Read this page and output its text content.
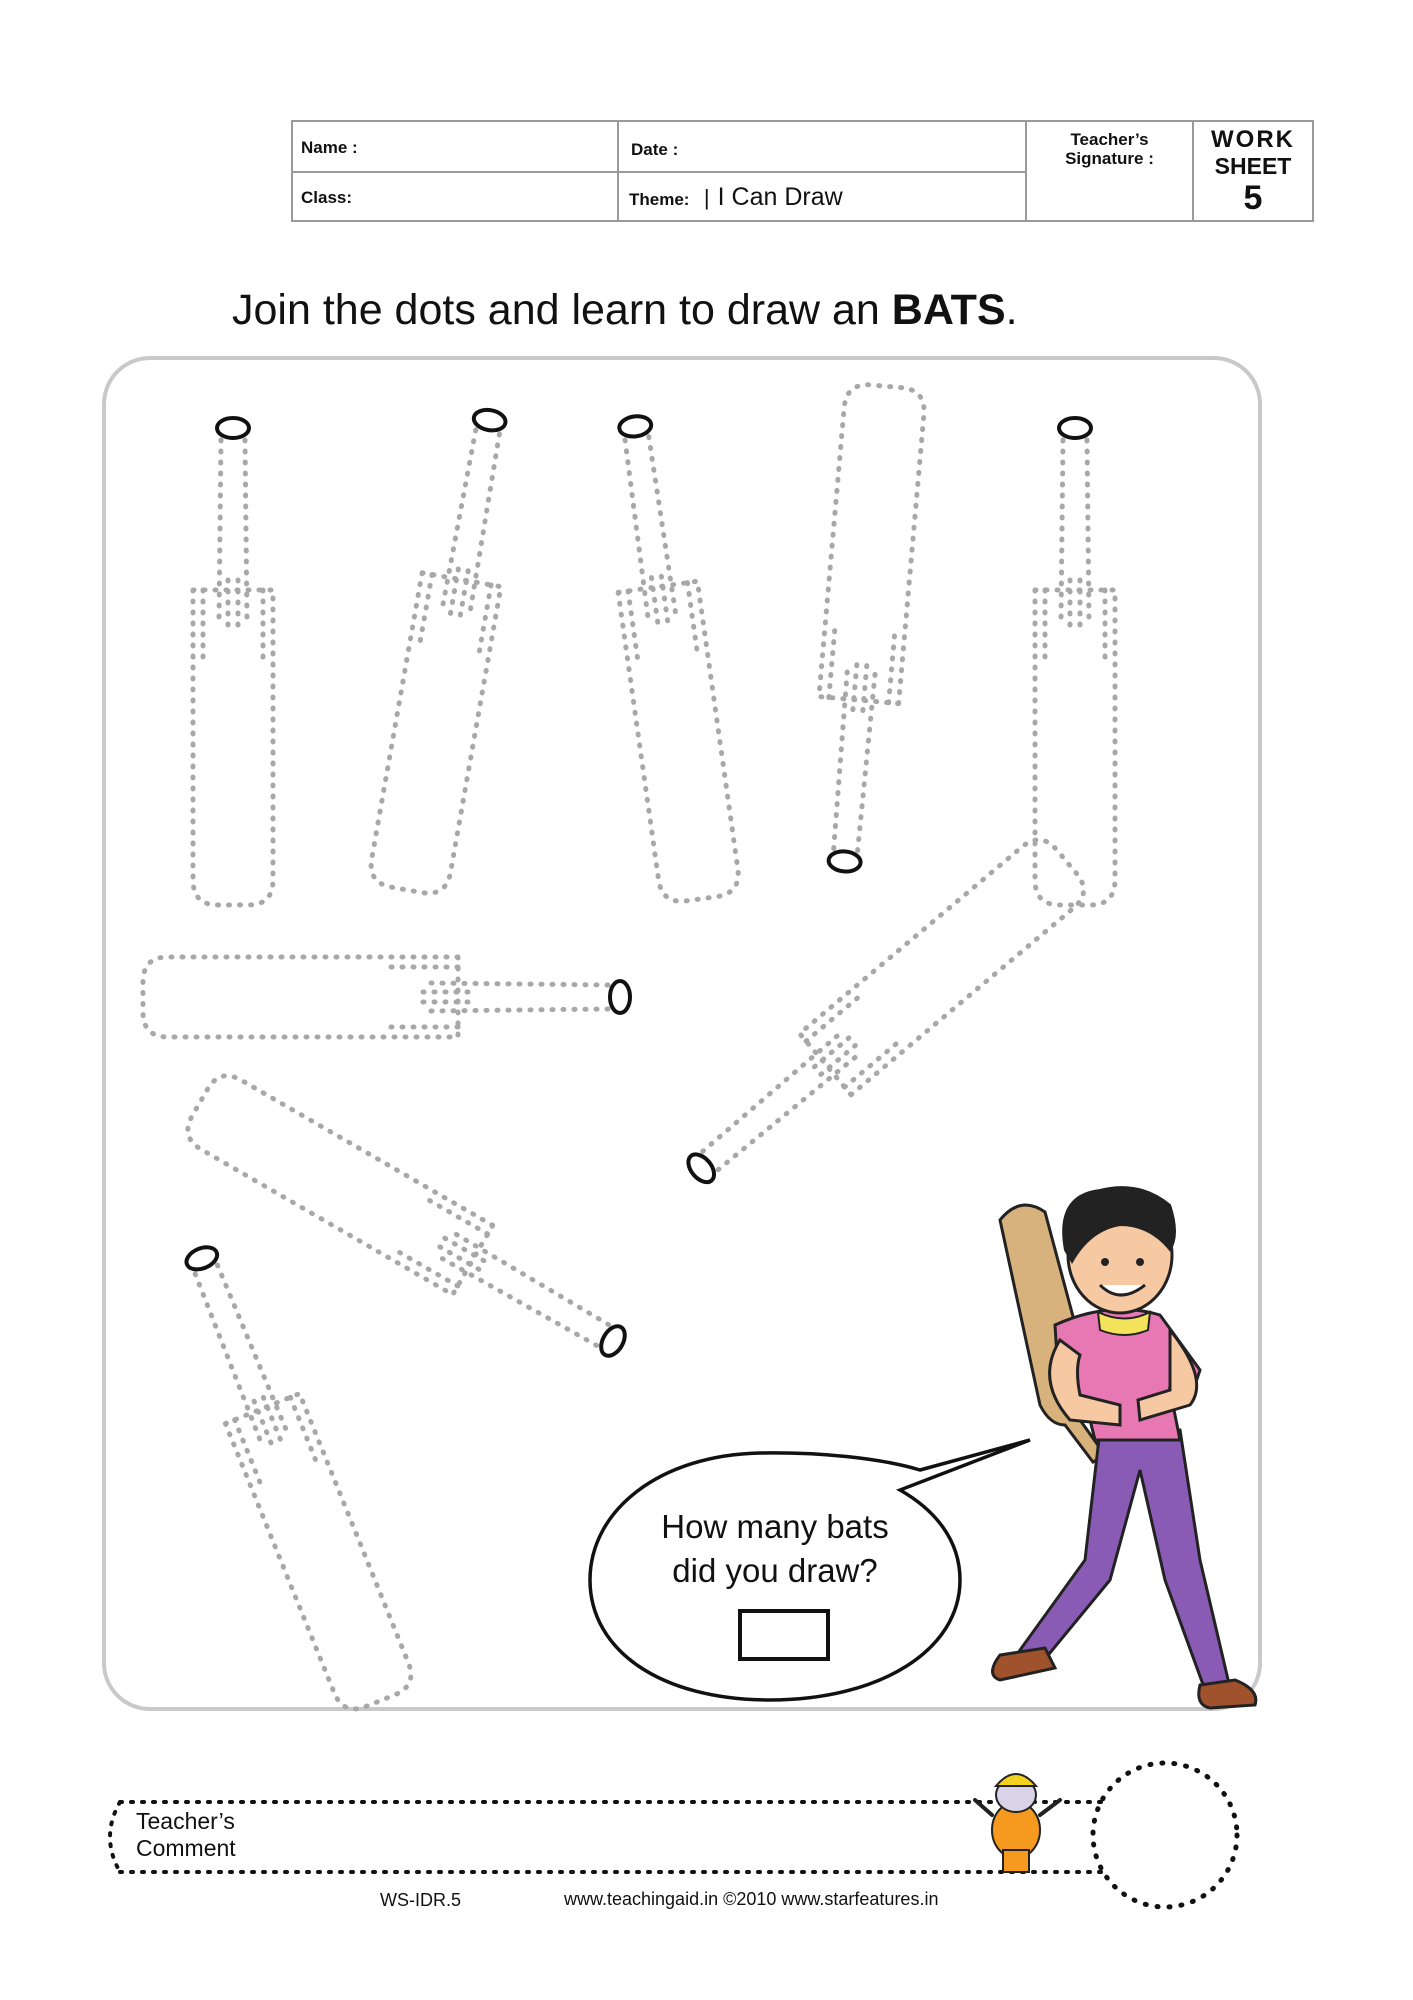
Name :	Date :
Class:	Theme: | I Can Draw
Teacher’s Signature :
WORK
SHEET
5
Join the dots and learn to draw an BATS.
How many bats
did you draw?
Teacher’s
Comment
WS-IDR.5	www.teachingaid.in ©2010 www.starfeatures.in
